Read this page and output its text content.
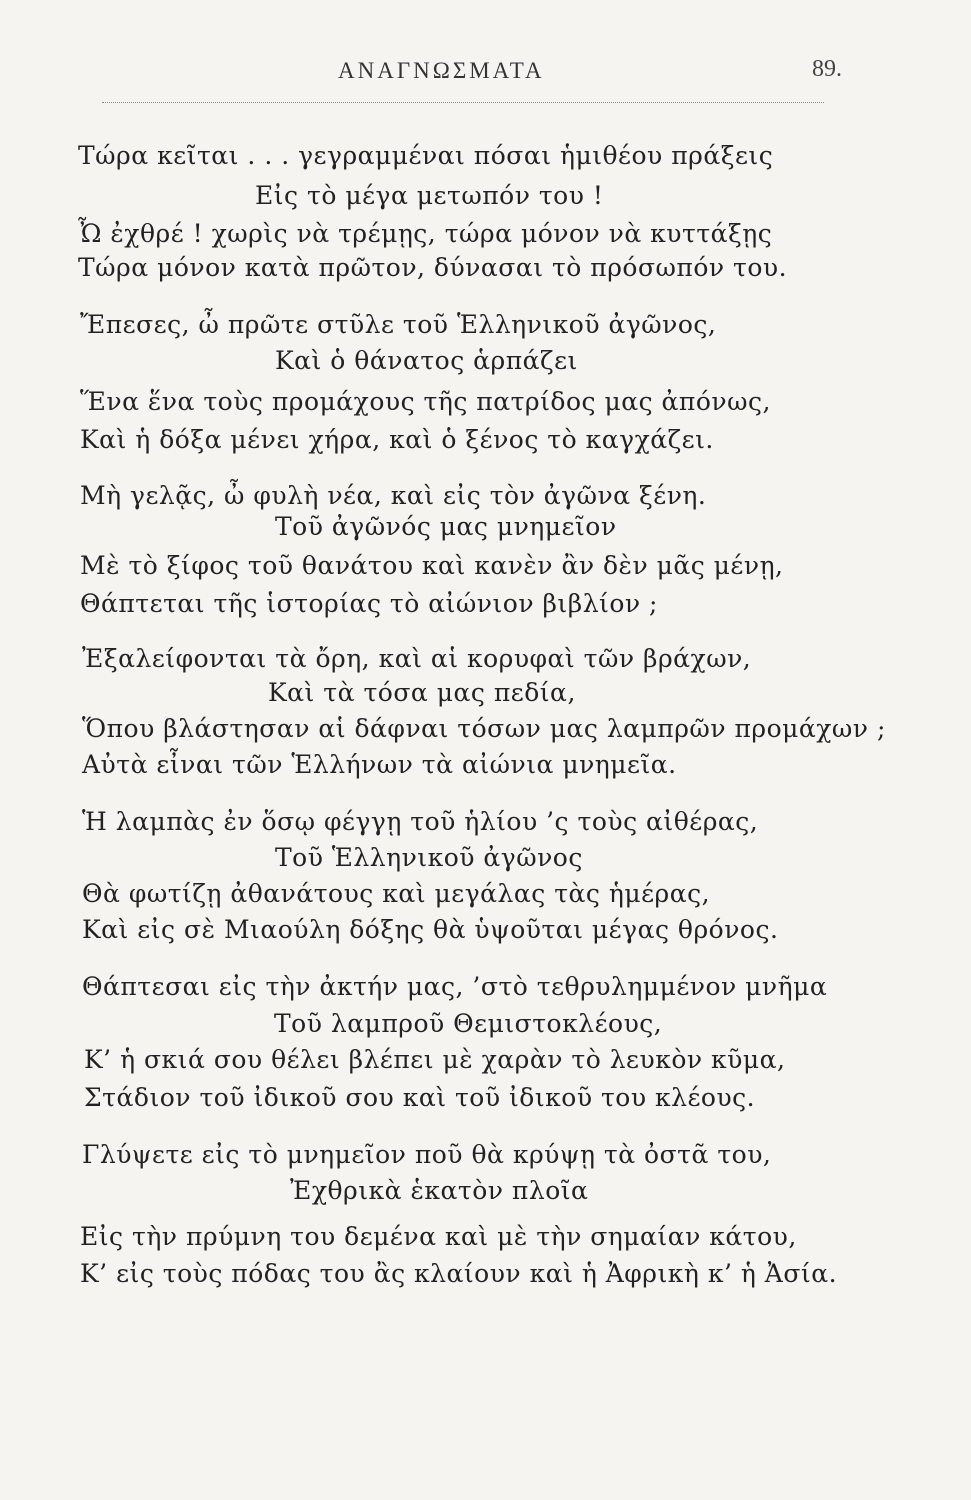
ΑΝΑΓΝΩΣΜΑΤΑ	89.
Τώρα κεῖται . . . γεγραμμέναι πόσαι ἡμιθέου πράξεις
Εἰς τὸ μέγα μετωπόν του !
Ὦ ἐχθρέ ! χωρὶς νὰ τρέμῃς, τώρα μόνον νὰ κυττάξῃς
Τώρα μόνον κατὰ πρῶτον, δύνασαι τὸ πρόσωπόν του.
Ἔπεσες, ὦ πρῶτε στῦλε τοῦ Ἑλληνικοῦ ἀγῶνος,
Καὶ ὁ θάνατος ἁρπάζει
Ἕνα ἕνα τοὺς προμάχους τῆς πατρίδος μας ἀπόνως,
Καὶ ἡ δόξα μένει χήρα, καὶ ὁ ξένος τὸ καγχάζει.
Μὴ γελᾷς, ὦ φυλὴ νέα, καὶ εἰς τὸν ἀγῶνα ξένη.
Τοῦ ἀγῶνός μας μνημεῖον
Μὲ τὸ ξίφος τοῦ θανάτου καὶ κανὲν ἂν δὲν μᾶς μένῃ,
Θάπτεται τῆς ἱστορίας τὸ αἰώνιον βιβλίον ;
Ἐξαλείφονται τὰ ὄρη, καὶ αἱ κορυφαὶ τῶν βράχων,
Καὶ τὰ τόσα μας πεδία,
Ὅπου βλάστησαν αἱ δάφναι τόσων μας λαμπρῶν προμάχων ;
Αὐτὰ εἶναι τῶν Ἑλλήνων τὰ αἰώνια μνημεῖα.
Ἡ λαμπὰς ἐν ὅσῳ φέγγῃ τοῦ ἡλίου ’ς τοὺς αἰθέρας,
Τοῦ Ἑλληνικοῦ ἀγῶνος
Θὰ φωτίζῃ ἀθανάτους καὶ μεγάλας τὰς ἡμέρας,
Καὶ εἰς σὲ Μιαούλη δόξης θὰ ὑψοῦται μέγας θρόνος.
Θάπτεσαι εἰς τὴν ἀκτήν μας, ’στὸ τεθρυλημμένον μνῆμα
Τοῦ λαμπροῦ Θεμιστοκλέους,
Κ’ ἡ σκιά σου θέλει βλέπει μὲ χαρὰν τὸ λευκὸν κῦμα,
Στάδιον τοῦ ἰδικοῦ σου καὶ τοῦ ἰδικοῦ του κλέους.
Γλύψετε εἰς τὸ μνημεῖον ποῦ θὰ κρύψῃ τὰ ὀστᾶ του,
Ἐχθρικὰ ἑκατὸν πλοῖα
Εἰς τὴν πρύμνη του δεμένα καὶ μὲ τὴν σημαίαν κάτου,
Κ’ εἰς τοὺς πόδας του ἂς κλαίουν καὶ ἡ Ἀφρικὴ κ’ ἡ Ἀσία.
